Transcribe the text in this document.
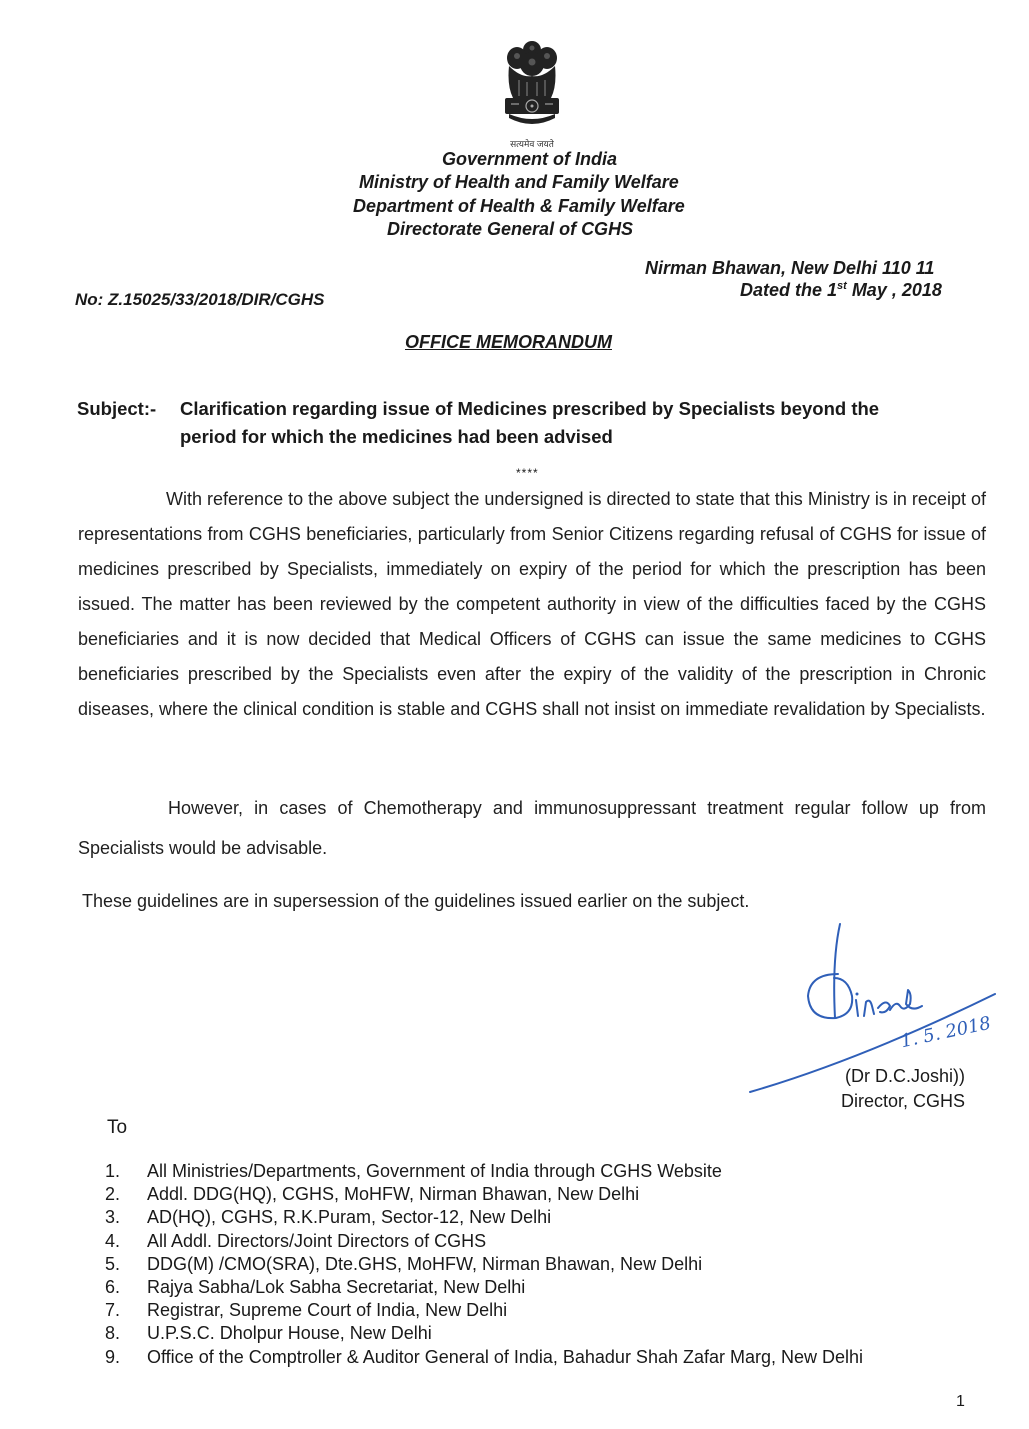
सत्यमेव जयते
Government of India
Ministry of Health and Family Welfare
Department of Health & Family Welfare
Directorate General of CGHS
Nirman Bhawan, New Delhi 110 11
Dated the 1st May , 2018
No: Z.15025/33/2018/DIR/CGHS
OFFICE MEMORANDUM
Subject:- Clarification regarding issue of Medicines prescribed by Specialists beyond the
period for which the medicines had been advised
****
With reference to the above subject the undersigned is directed to state that this Ministry is in receipt of representations from CGHS beneficiaries, particularly from Senior Citizens regarding refusal of CGHS for issue of medicines prescribed by Specialists, immediately on expiry of the period for which the prescription has been issued. The matter has been reviewed by the competent authority in view of the difficulties faced by the CGHS beneficiaries and it is now decided that Medical Officers of CGHS can issue the same medicines to CGHS beneficiaries prescribed by the Specialists even after the expiry of the validity of the prescription in Chronic diseases, where the clinical condition is stable and CGHS shall not insist on immediate revalidation by Specialists.
However, in cases of Chemotherapy and immunosuppressant treatment regular follow up from Specialists would be advisable.
These guidelines are in supersession of the guidelines issued earlier on the subject.
1. 5. 2018
(Dr D.C.Joshi))
Director, CGHS
To
1. All Ministries/Departments, Government of India through CGHS Website
2. Addl. DDG(HQ), CGHS, MoHFW, Nirman Bhawan, New Delhi
3. AD(HQ), CGHS, R.K.Puram, Sector-12, New Delhi
4. All Addl. Directors/Joint Directors of CGHS
5. DDG(M) /CMO(SRA), Dte.GHS, MoHFW, Nirman Bhawan, New Delhi
6. Rajya Sabha/Lok Sabha Secretariat, New Delhi
7. Registrar, Supreme Court of India, New Delhi
8. U.P.S.C. Dholpur House, New Delhi
9. Office of the Comptroller & Auditor General of India, Bahadur Shah Zafar Marg, New Delhi
1
